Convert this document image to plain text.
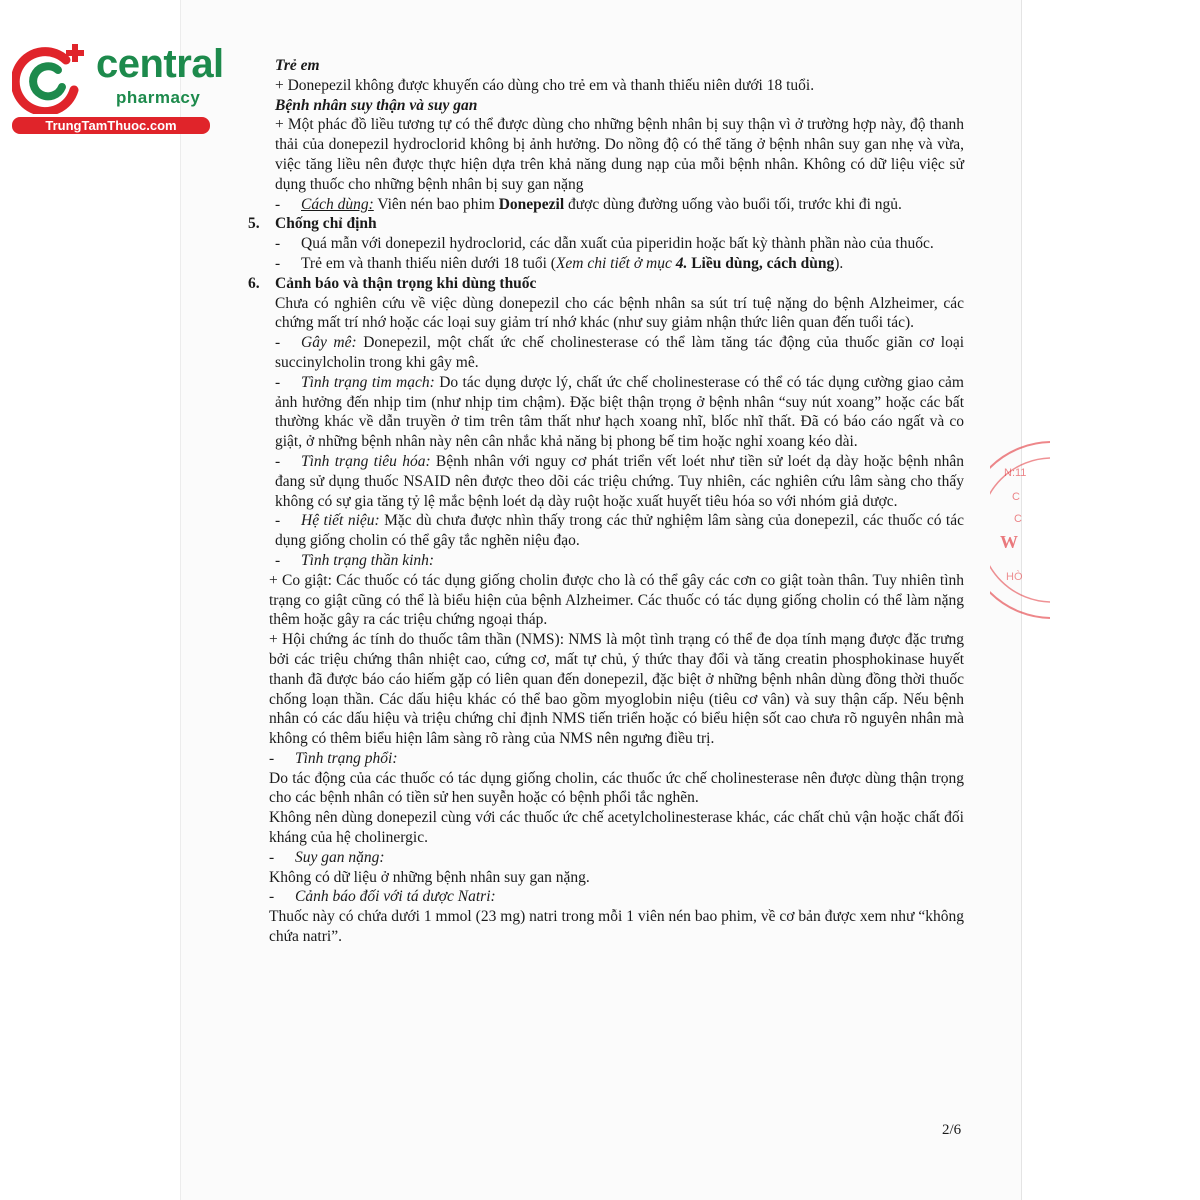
central
pharmacy
TrungTamThuoc.com
N:11
C
C
W
HÒ

Trẻ em

+ Donepezil không được khuyến cáo dùng cho trẻ em và thanh thiếu niên dưới 18 tuổi.

Bệnh nhân suy thận và suy gan

+ Một phác đồ liều tương tự có thể được dùng cho những bệnh nhân bị suy thận vì ở trường hợp này, độ thanh thải của donepezil hydroclorid không bị ảnh hưởng. Do nồng độ có thể tăng ở bệnh nhân suy gan nhẹ và vừa, việc tăng liều nên được thực hiện dựa trên khả năng dung nạp của mỗi bệnh nhân. Không có dữ liệu việc sử dụng thuốc cho những bệnh nhân bị suy gan nặng

- Cách dùng: Viên nén bao phim Donepezil được dùng đường uống vào buổi tối, trước khi đi ngủ.

5. Chống chỉ định

- Quá mẫn với donepezil hydroclorid, các dẫn xuất của piperidin hoặc bất kỳ thành phần nào của thuốc.

- Trẻ em và thanh thiếu niên dưới 18 tuổi (Xem chi tiết ở mục 4. Liều dùng, cách dùng).

6. Cảnh báo và thận trọng khi dùng thuốc

Chưa có nghiên cứu về việc dùng donepezil cho các bệnh nhân sa sút trí tuệ nặng do bệnh Alzheimer, các chứng mất trí nhớ hoặc các loại suy giảm trí nhớ khác (như suy giảm nhận thức liên quan đến tuổi tác).

- Gây mê: Donepezil, một chất ức chế cholinesterase có thể làm tăng tác động của thuốc giãn cơ loại succinylcholin trong khi gây mê.

- Tình trạng tim mạch: Do tác dụng dược lý, chất ức chế cholinesterase có thể có tác dụng cường giao cảm ảnh hưởng đến nhịp tim (như nhịp tim chậm). Đặc biệt thận trọng ở bệnh nhân “suy nút xoang” hoặc các bất thường khác về dẫn truyền ở tim trên tâm thất như hạch xoang nhĩ, blốc nhĩ thất. Đã có báo cáo ngất và co giật, ở những bệnh nhân này nên cân nhắc khả năng bị phong bế tim hoặc nghỉ xoang kéo dài.

- Tình trạng tiêu hóa: Bệnh nhân với nguy cơ phát triển vết loét như tiền sử loét dạ dày hoặc bệnh nhân đang sử dụng thuốc NSAID nên được theo dõi các triệu chứng. Tuy nhiên, các nghiên cứu lâm sàng cho thấy không có sự gia tăng tỷ lệ mắc bệnh loét dạ dày ruột hoặc xuất huyết tiêu hóa so với nhóm giả dược.

- Hệ tiết niệu: Mặc dù chưa được nhìn thấy trong các thử nghiệm lâm sàng của donepezil, các thuốc có tác dụng giống cholin có thể gây tắc nghẽn niệu đạo.

- Tình trạng thần kinh:

+ Co giật: Các thuốc có tác dụng giống cholin được cho là có thể gây các cơn co giật toàn thân. Tuy nhiên tình trạng co giật cũng có thể là biểu hiện của bệnh Alzheimer. Các thuốc có tác dụng giống cholin có thể làm nặng thêm hoặc gây ra các triệu chứng ngoại tháp.

+ Hội chứng ác tính do thuốc tâm thần (NMS): NMS là một tình trạng có thể đe dọa tính mạng được đặc trưng bởi các triệu chứng thân nhiệt cao, cứng cơ, mất tự chủ, ý thức thay đổi và tăng creatin phosphokinase huyết thanh đã được báo cáo hiếm gặp có liên quan đến donepezil, đặc biệt ở những bệnh nhân dùng đồng thời thuốc chống loạn thần. Các dấu hiệu khác có thể bao gồm myoglobin niệu (tiêu cơ vân) và suy thận cấp. Nếu bệnh nhân có các dấu hiệu và triệu chứng chỉ định NMS tiến triển hoặc có biểu hiện sốt cao chưa rõ nguyên nhân mà không có thêm biểu hiện lâm sàng rõ ràng của NMS nên ngưng điều trị.

- Tình trạng phổi:

Do tác động của các thuốc có tác dụng giống cholin, các thuốc ức chế cholinesterase nên được dùng thận trọng cho các bệnh nhân có tiền sử hen suyễn hoặc có bệnh phổi tắc nghẽn.

Không nên dùng donepezil cùng với các thuốc ức chế acetylcholinesterase khác, các chất chủ vận hoặc chất đối kháng của hệ cholinergic.

- Suy gan nặng:

Không có dữ liệu ở những bệnh nhân suy gan nặng.

- Cảnh báo đối với tá dược Natri:

Thuốc này có chứa dưới 1 mmol (23 mg) natri trong mỗi 1 viên nén bao phim, về cơ bản được xem như “không chứa natri”.

2/6
